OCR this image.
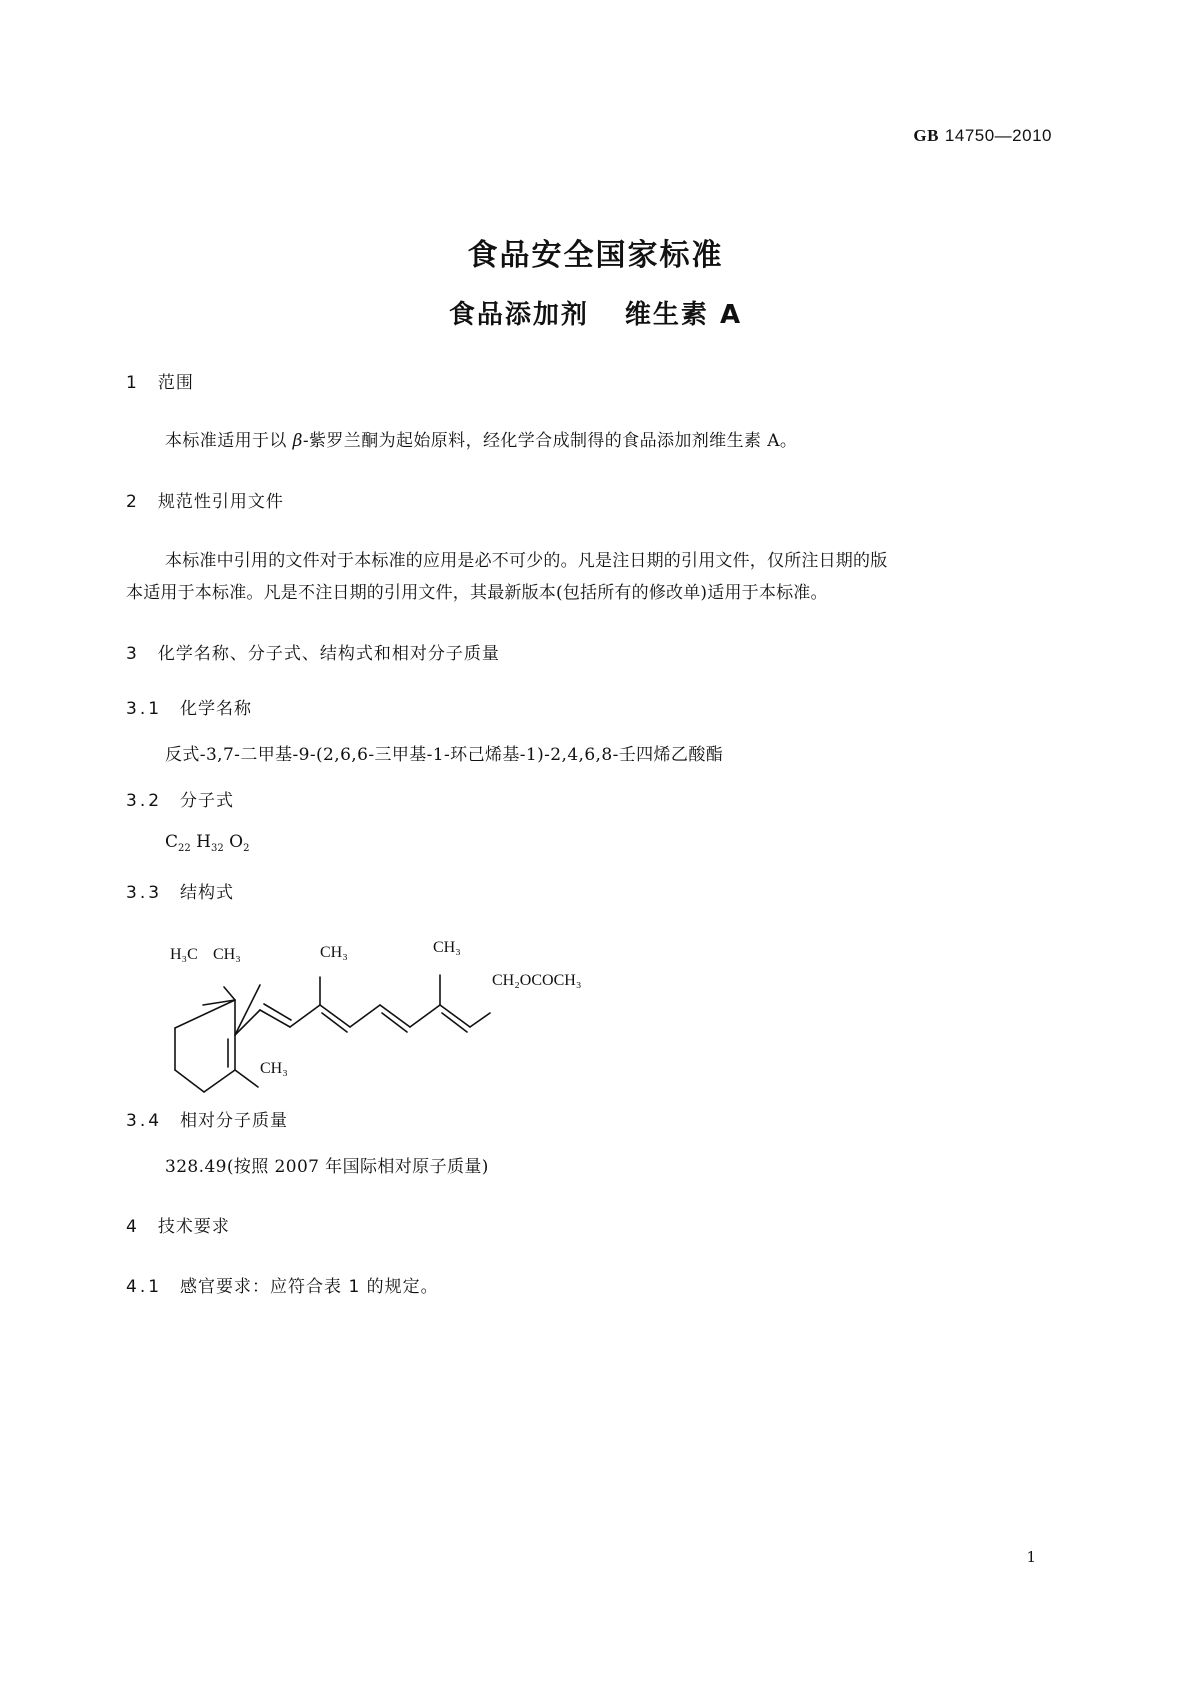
GB 14750—2010
食品安全国家标准
食品添加剂 维生素 A
1 范围
本标准适用于以 β-紫罗兰酮为起始原料，经化学合成制得的食品添加剂维生素 A。
2 规范性引用文件
本标准中引用的文件对于本标准的应用是必不可少的。凡是注日期的引用文件，仅所注日期的版
本适用于本标准。凡是不注日期的引用文件，其最新版本(包括所有的修改单)适用于本标准。
3 化学名称、分子式、结构式和相对分子质量
3.1 化学名称
反式-3,7-二甲基-9-(2,6,6-三甲基-1-环己烯基-1)-2,4,6,8-壬四烯乙酸酯
3.2 分子式
$C_{22}$ $H_{32}$ $O_2$
3.3 结构式
H₃C CH₃	CH₃	CH₃
CH₂OCOCH₃
CH₃
3.4 相对分子质量
328.49(按照 2007 年国际相对原子质量)
4 技术要求
4.1 感官要求：应符合表 1 的规定。
1
